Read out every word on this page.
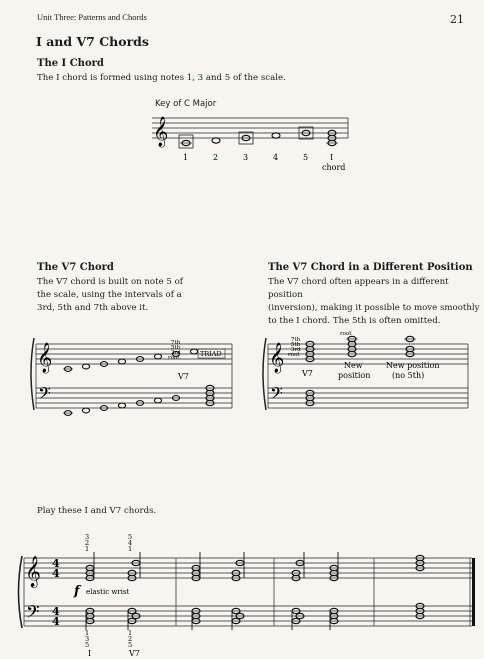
Unit Three: Patterns and Chords	21
I and V7 Chords
The I Chord
The I chord is formed using notes 1, 3 and 5 of the scale.
Key of C Major
𝄞
1	2	3	4	5	I
chord
The V7 Chord
The V7 chord is built on note 5 of
the scale, using the intervals of a
3rd, 5th and 7th above it.
𝄞
𝄢
7th
5th
3rd
root	TRIAD
V7
The V7 Chord in a Different Position
The V7 chord often appears in a different position
(inversion), making it possible to move smoothly
to the I chord. The 5th is often omitted.
𝄞
𝄢
root
7th
5th
3rd
root
V7
New
position
New position
(no 5th)
Play these I and V7 chords.
3
2
1
5
4
1
1
3
5
1
2
5
𝄞
𝄢
4
4
4
4
f elastic wrist
I	V7
